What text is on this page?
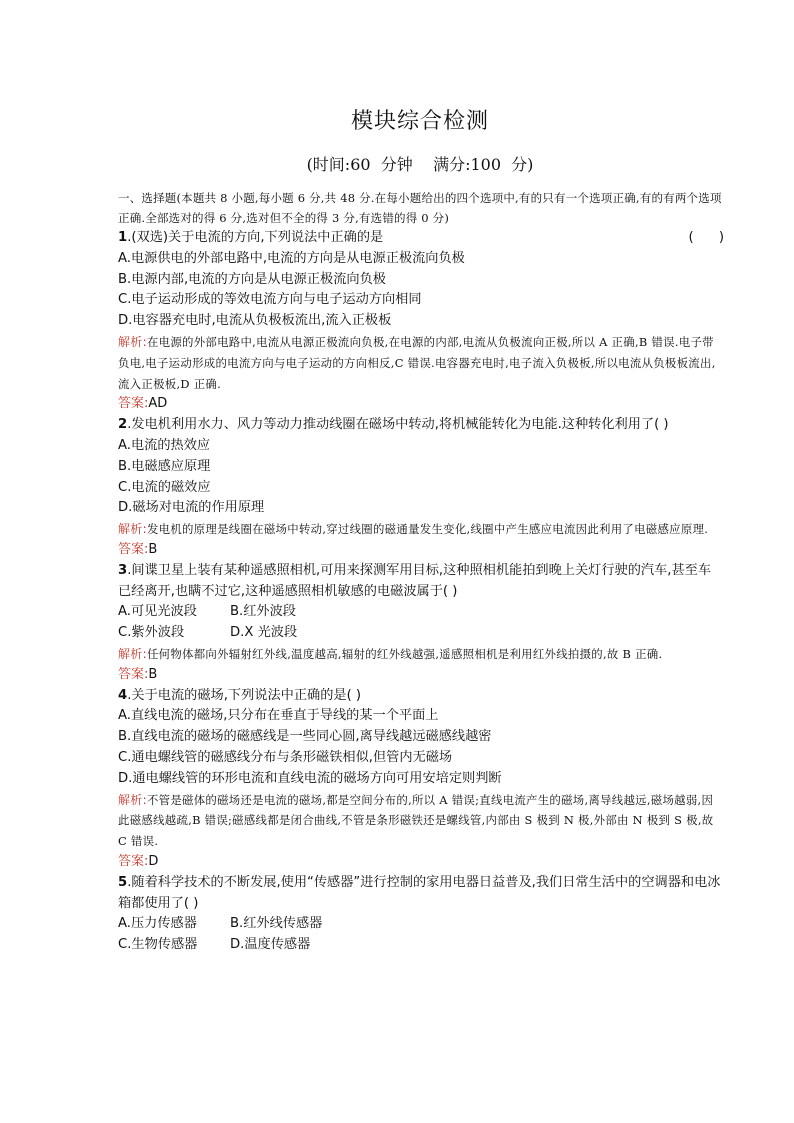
模块综合检测
(时间:60  分钟    满分:100  分)
一、选择题(本题共 8 小题,每小题 6 分,共 48 分.在每小题给出的四个选项中,有的只有一个选项正确,有的有两个选项正确.全部选对的得 6 分,选对但不全的得 3 分,有选错的得 0 分)
1.(双选)关于电流的方向,下列说法中正确的是	(      )
A.电源供电的外部电路中,电流的方向是从电源正极流向负极
B.电源内部,电流的方向是从电源正极流向负极
C.电子运动形成的等效电流方向与电子运动方向相同
D.电容器充电时,电流从负极板流出,流入正极板
解析:在电源的外部电路中,电流从电源正极流向负极,在电源的内部,电流从负极流向正极,所以 A 正确,B 错误.电子带负电,电子运动形成的电流方向与电子运动的方向相反,C 错误.电容器充电时,电子流入负极板,所以电流从负极板流出,流入正极板,D 正确.
答案:AD
2.发电机利用水力、风力等动力推动线圈在磁场中转动,将机械能转化为电能.这种转化利用了( )
A.电流的热效应
B.电磁感应原理
C.电流的磁效应
D.磁场对电流的作用原理
解析:发电机的原理是线圈在磁场中转动,穿过线圈的磁通量发生变化,线圈中产生感应电流因此利用了电磁感应原理.
答案:B
3.间谍卫星上装有某种遥感照相机,可用来探测军用目标,这种照相机能拍到晚上关灯行驶的汽车,甚至车已经离开,也瞒不过它,这种遥感照相机敏感的电磁波属于( )
A.可见光波段	B.红外波段
C.紫外波段	D.X 光波段
解析:任何物体都向外辐射红外线,温度越高,辐射的红外线越强,遥感照相机是利用红外线拍摄的,故 B 正确.
答案:B
4.关于电流的磁场,下列说法中正确的是( )
A.直线电流的磁场,只分布在垂直于导线的某一个平面上
B.直线电流的磁场的磁感线是一些同心圆,离导线越远磁感线越密
C.通电螺线管的磁感线分布与条形磁铁相似,但管内无磁场
D.通电螺线管的环形电流和直线电流的磁场方向可用安培定则判断
解析:不管是磁体的磁场还是电流的磁场,都是空间分布的,所以 A 错误;直线电流产生的磁场,离导线越远,磁场越弱,因此磁感线越疏,B 错误;磁感线都是闭合曲线,不管是条形磁铁还是螺线管,内部由 S 极到 N 极,外部由 N 极到 S 极,故 C 错误.
答案:D
5.随着科学技术的不断发展,使用“传感器”进行控制的家用电器日益普及,我们日常生活中的空调器和电冰箱都使用了( )
A.压力传感器	B.红外线传感器
C.生物传感器 D.温度传感器
